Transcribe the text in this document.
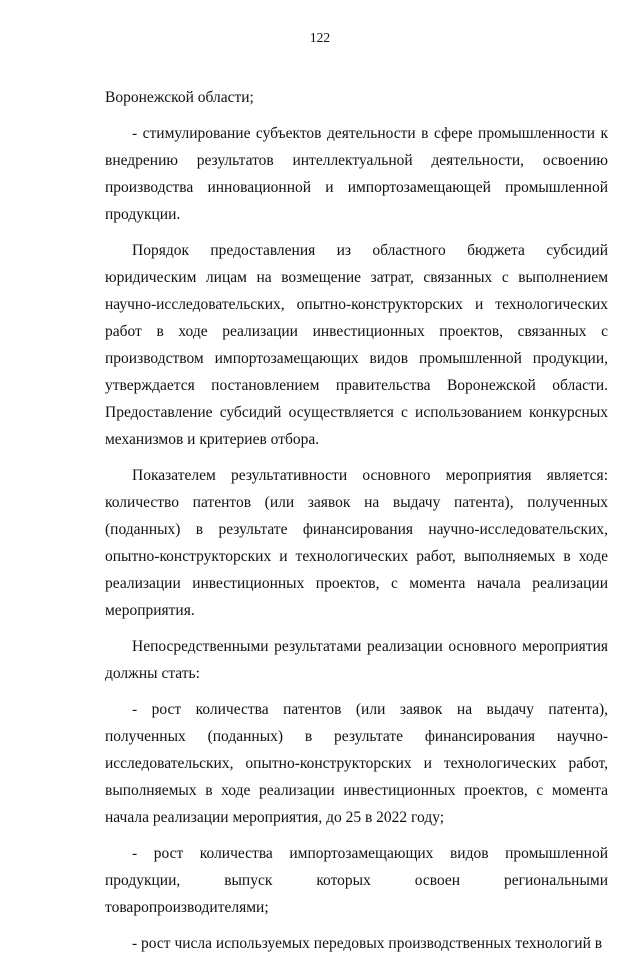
122

Воронежской области;

- стимулирование субъектов деятельности в сфере промышленности к внедрению результатов интеллектуальной деятельности, освоению производства инновационной и импортозамещающей промышленной продукции.

Порядок предоставления из областного бюджета субсидий юридическим лицам на возмещение затрат, связанных с выполнением научно-исследовательских, опытно-конструкторских и технологических работ в ходе реализации инвестиционных проектов, связанных с производством импортозамещающих видов промышленной продукции, утверждается постановлением правительства Воронежской области. Предоставление субсидий осуществляется с использованием конкурсных механизмов и критериев отбора.

Показателем результативности основного мероприятия является: количество патентов (или заявок на выдачу патента), полученных (поданных) в результате финансирования научно-исследовательских, опытно-конструкторских и технологических работ, выполняемых в ходе реализации инвестиционных проектов, с момента начала реализации мероприятия.

Непосредственными результатами реализации основного мероприятия должны стать:

- рост количества патентов (или заявок на выдачу патента), полученных (поданных) в результате финансирования научно-исследовательских, опытно-конструкторских и технологических работ, выполняемых в ходе реализации инвестиционных проектов, с момента начала реализации мероприятия, до 25 в 2022 году;

- рост количества импортозамещающих видов промышленной продукции, выпуск которых освоен региональными товаропроизводителями;

- рост числа используемых передовых производственных технологий в
